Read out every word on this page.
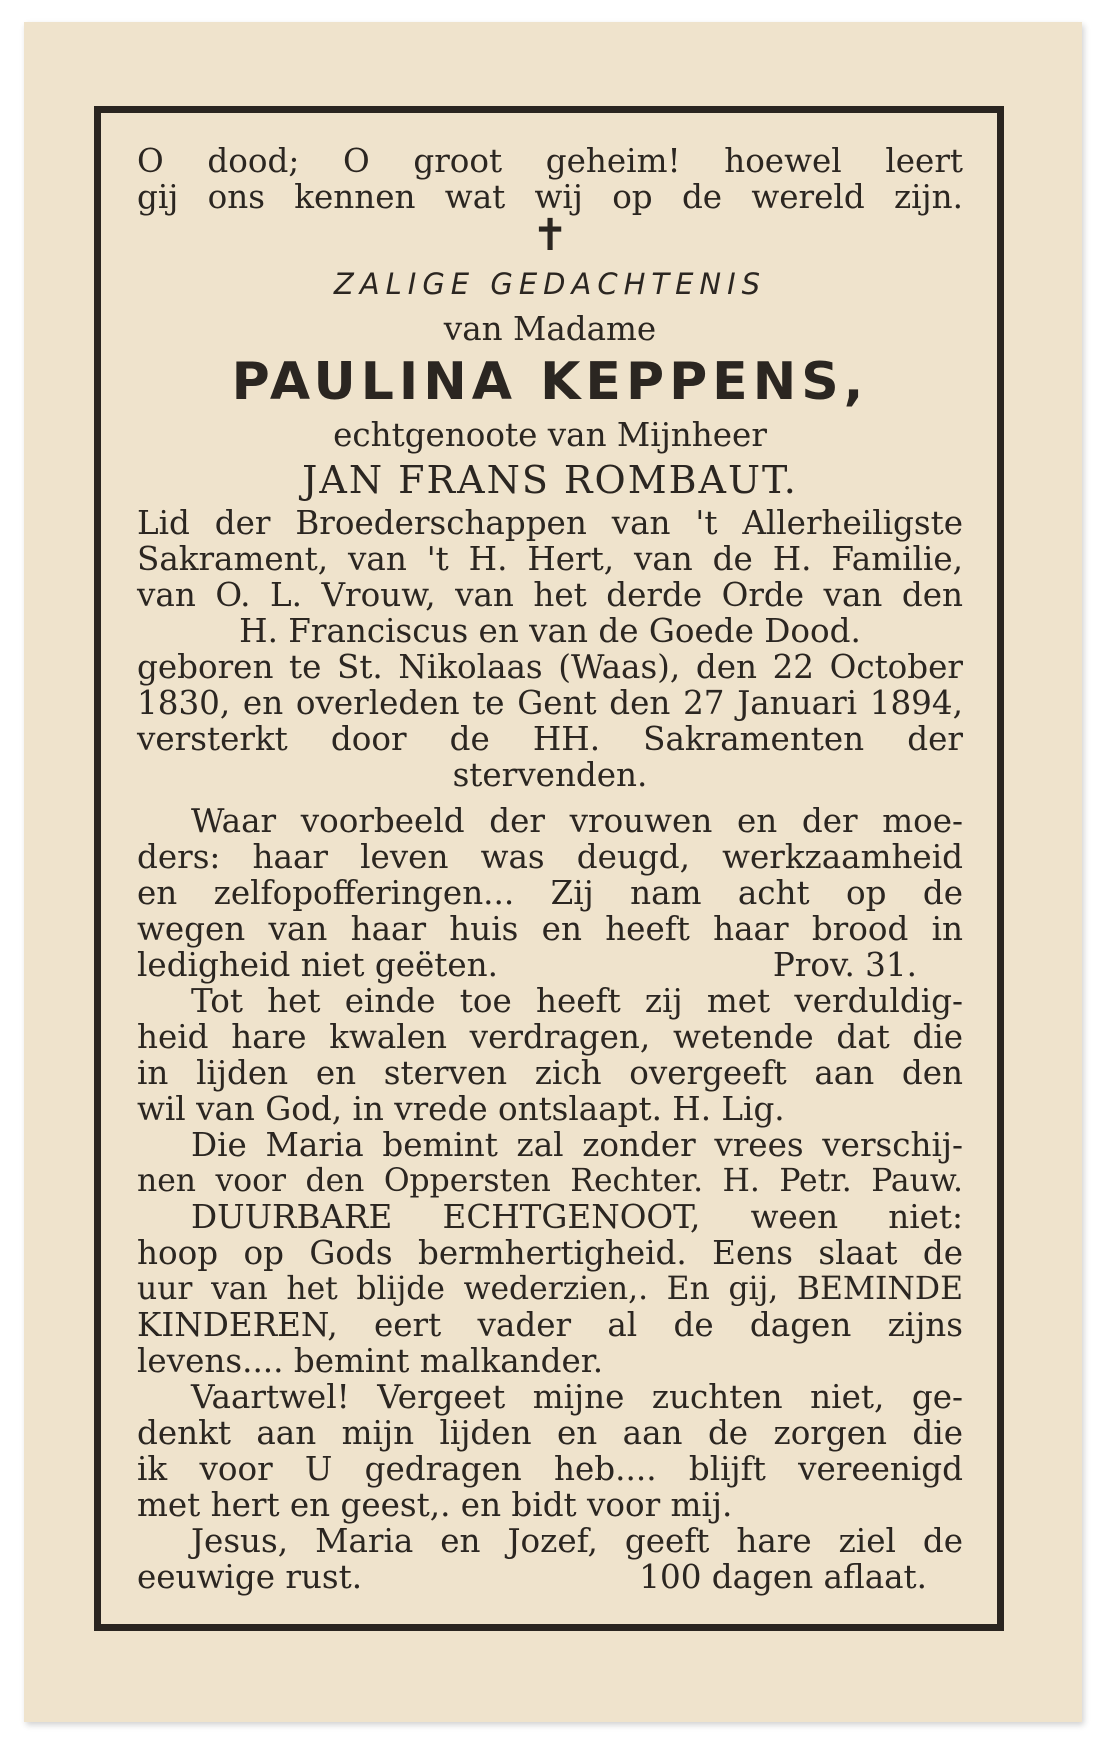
O dood; O groot geheim! hoewel leert
gij ons kennen wat wij op de wereld zijn.
✝
ZALIGE GEDACHTENIS
van Madame
PAULINA KEPPENS,
echtgenoote van Mijnheer
JAN FRANS ROMBAUT.
Lid der Broederschappen van 't Allerheiligste
Sakrament, van 't H. Hert, van de H. Familie,
van O. L. Vrouw, van het derde Orde van den
H. Franciscus en van de Goede Dood.
geboren te St. Nikolaas (Waas), den 22 October
1830, en overleden te Gent den 27 Januari 1894,
versterkt door de HH. Sakramenten der
stervenden.
Waar voorbeeld der vrouwen en der moe-
ders: haar leven was deugd, werkzaamheid
en zelfopofferingen... Zij nam acht op de
wegen van haar huis en heeft haar brood in
ledigheid niet geëten.	Prov. 31.
Tot het einde toe heeft zij met verduldig-
heid hare kwalen verdragen, wetende dat die
in lijden en sterven zich overgeeft aan den
wil van God, in vrede ontslaapt. H. Lig.
Die Maria bemint zal zonder vrees verschij-
nen voor den Oppersten Rechter. H. Petr. Pauw.
DUURBARE ECHTGENOOT, ween niet:
hoop op Gods bermhertigheid. Eens slaat de
uur van het blijde wederzien,. En gij, BEMINDE
KINDEREN, eert vader al de dagen zijns
levens.... bemint malkander.
Vaartwel! Vergeet mijne zuchten niet, ge-
denkt aan mijn lijden en aan de zorgen die
ik voor U gedragen heb.... blijft vereenigd
met hert en geest,. en bidt voor mij.
Jesus, Maria en Jozef, geeft hare ziel de
eeuwige rust.	100 dagen aflaat.
